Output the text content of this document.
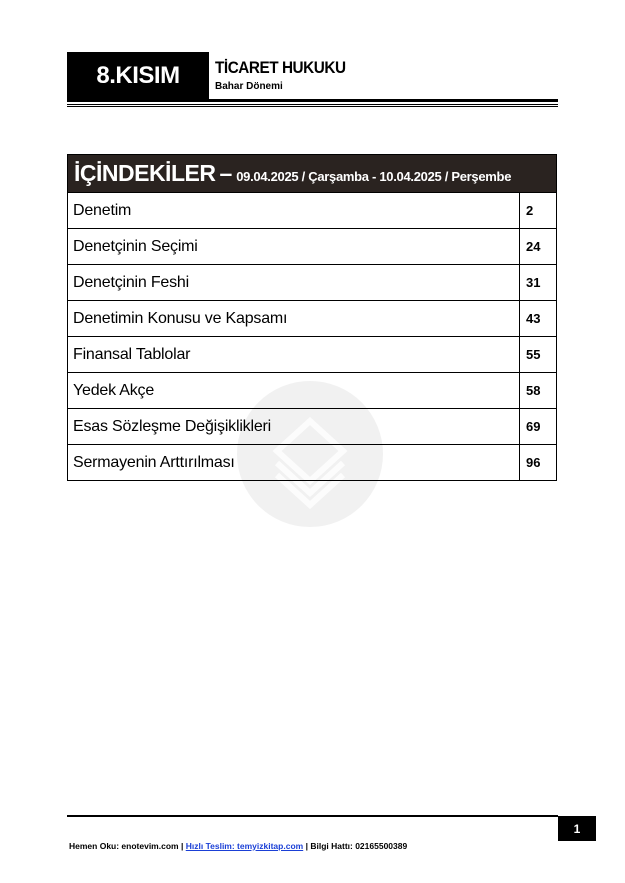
8.KISIM	TİCARET HUKUKU
Bahar Dönemi
İÇİNDEKİLER – 09.04.2025 / Çarşamba - 10.04.2025 / Perşembe
Denetim	2
Denetçinin Seçimi	24
Denetçinin Feshi	31
Denetimin Konusu ve Kapsamı	43
Finansal Tablolar	55
Yedek Akçe	58
Esas Sözleşme Değişiklikleri	69
Sermayenin Arttırılması	96
1
Hemen Oku: enotevim.com | Hızlı Teslim: temyizkitap.com | Bilgi Hattı: 02165500389
